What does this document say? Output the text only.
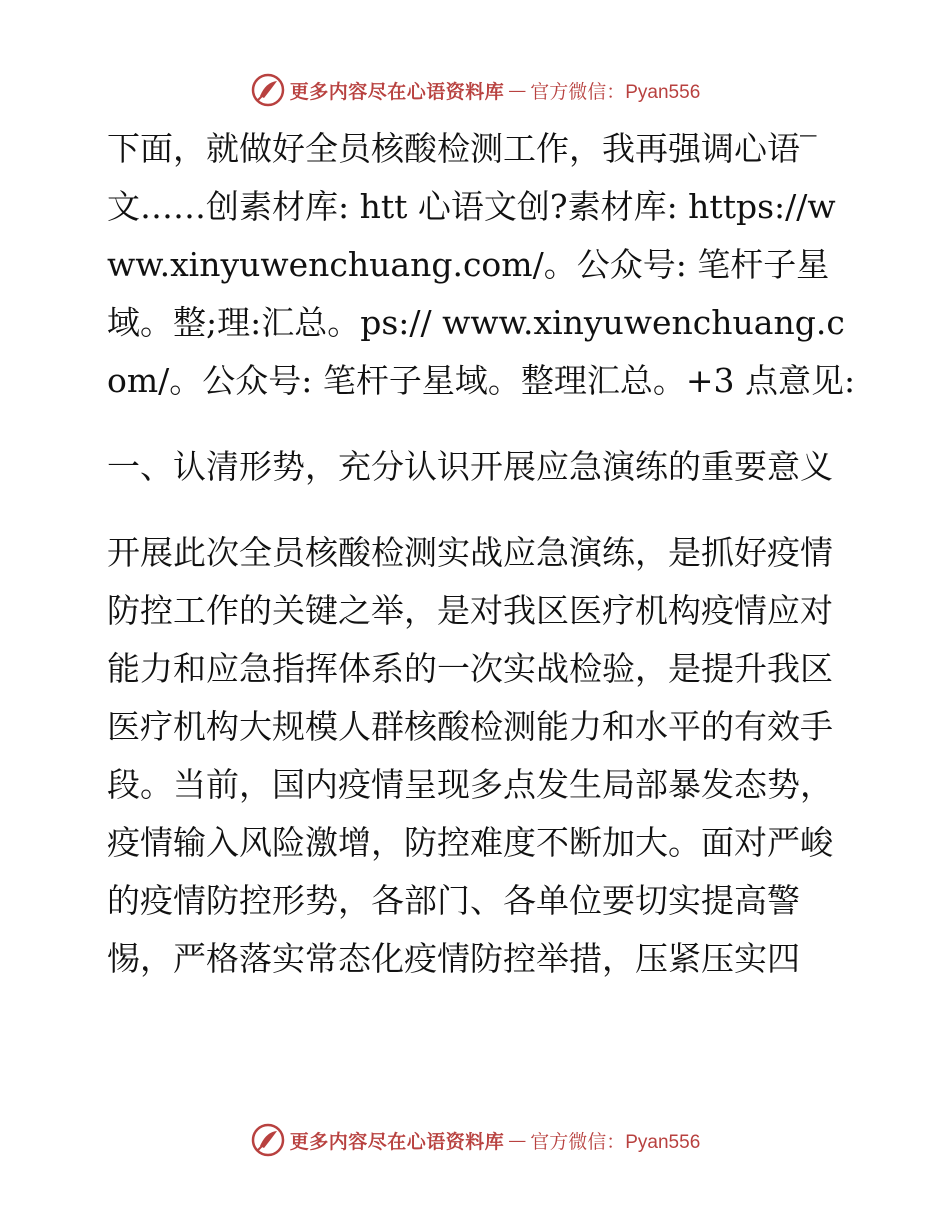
更多内容尽在心语资料库 — 官方微信：Pyan556

下面，就做好全员核酸检测工作，我再强调心语‾文……创素材库: htt 心语文创?素材库: https://www.xinyuwenchuang.com/。公众号: 笔杆子星域。整;理:汇总。ps:// www.xinyuwenchuang.com/。公众号: 笔杆子星域。整理汇总。+3 点意见:

一、认清形势，充分认识开展应急演练的重要意义

开展此次全员核酸检测实战应急演练，是抓好疫情防控工作的关键之举，是对我区医疗机构疫情应对能力和应急指挥体系的一次实战检验，是提升我区医疗机构大规模人群核酸检测能力和水平的有效手段。当前，国内疫情呈现多点发生局部暴发态势，疫情输入风险激增，防控难度不断加大。面对严峻的疫情防控形势，各部门、各单位要切实提高警惕，严格落实常态化疫情防控举措，压紧压实四

更多内容尽在心语资料库 — 官方微信：Pyan556
